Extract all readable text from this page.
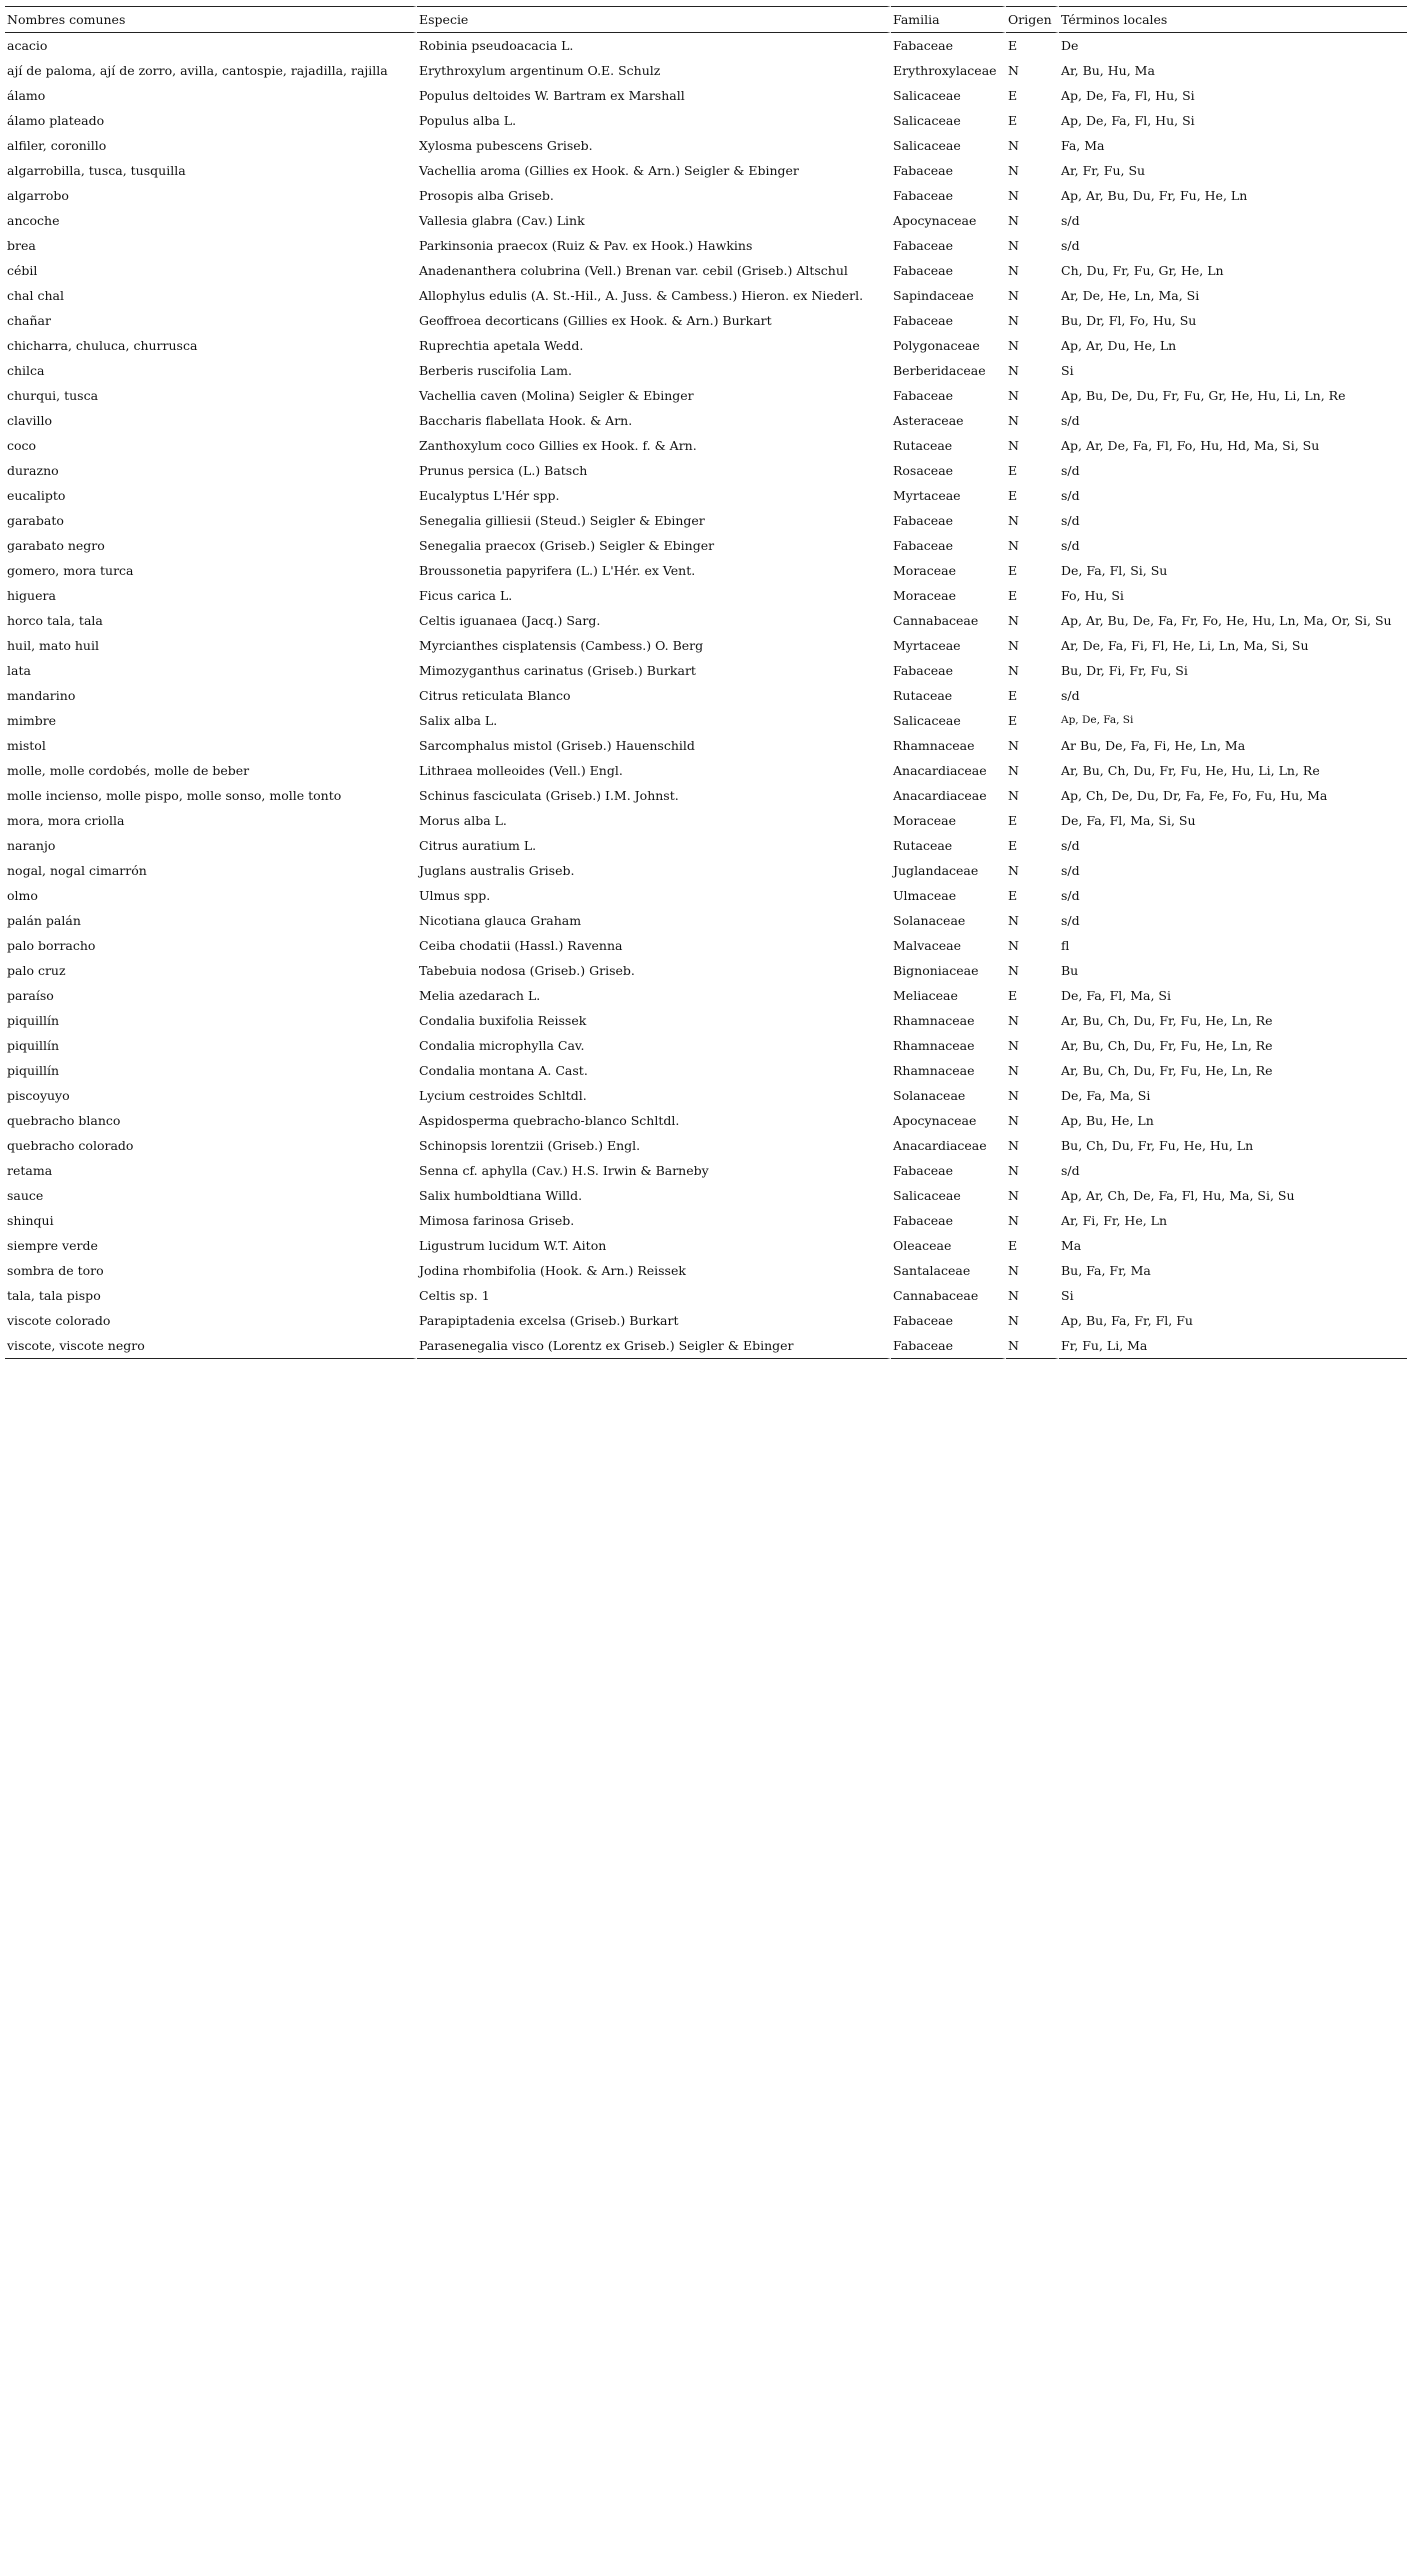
Nombres comunes	Especie	Familia	Origen	Términos locales
acacio	Robinia pseudoacacia L.	Fabaceae	E	De
ají de paloma, ají de zorro, avilla, cantospie, rajadilla, rajilla	Erythroxylum argentinum O.E. Schulz	Erythroxylaceae	N	Ar, Bu, Hu, Ma
álamo	Populus deltoides W. Bartram ex Marshall	Salicaceae	E	Ap, De, Fa, Fl, Hu, Si
álamo plateado	Populus alba L.	Salicaceae	E	Ap, De, Fa, Fl, Hu, Si
alfiler, coronillo	Xylosma pubescens Griseb.	Salicaceae	N	Fa, Ma
algarrobilla, tusca, tusquilla	Vachellia aroma (Gillies ex Hook. & Arn.) Seigler & Ebinger	Fabaceae	N	Ar, Fr, Fu, Su
algarrobo	Prosopis alba Griseb.	Fabaceae	N	Ap, Ar, Bu, Du, Fr, Fu, He, Ln
ancoche	Vallesia glabra (Cav.) Link	Apocynaceae	N	s/d
brea	Parkinsonia praecox (Ruiz & Pav. ex Hook.) Hawkins	Fabaceae	N	s/d
cébil	Anadenanthera colubrina (Vell.) Brenan var. cebil (Griseb.) Altschul	Fabaceae	N	Ch, Du, Fr, Fu, Gr, He, Ln
chal chal	Allophylus edulis (A. St.-Hil., A. Juss. & Cambess.) Hieron. ex Niederl.	Sapindaceae	N	Ar, De, He, Ln, Ma, Si
chañar	Geoffroea decorticans (Gillies ex Hook. & Arn.) Burkart	Fabaceae	N	Bu, Dr, Fl, Fo, Hu, Su
chicharra, chuluca, churrusca	Ruprechtia apetala Wedd.	Polygonaceae	N	Ap, Ar, Du, He, Ln
chilca	Berberis ruscifolia Lam.	Berberidaceae	N	Si
churqui, tusca	Vachellia caven (Molina) Seigler & Ebinger	Fabaceae	N	Ap, Bu, De, Du, Fr, Fu, Gr, He, Hu, Li, Ln, Re
clavillo	Baccharis flabellata Hook. & Arn.	Asteraceae	N	s/d
coco	Zanthoxylum coco Gillies ex Hook. f. & Arn.	Rutaceae	N	Ap, Ar, De, Fa, Fl, Fo, Hu, Hd, Ma, Si, Su
durazno	Prunus persica (L.) Batsch	Rosaceae	E	s/d
eucalipto	Eucalyptus L'Hér spp.	Myrtaceae	E	s/d
garabato	Senegalia gilliesii (Steud.) Seigler & Ebinger	Fabaceae	N	s/d
garabato negro	Senegalia praecox (Griseb.) Seigler & Ebinger	Fabaceae	N	s/d
gomero, mora turca	Broussonetia papyrifera (L.) L'Hér. ex Vent.	Moraceae	E	De, Fa, Fl, Si, Su
higuera	Ficus carica L.	Moraceae	E	Fo, Hu, Si
horco tala, tala	Celtis iguanaea (Jacq.) Sarg.	Cannabaceae	N	Ap, Ar, Bu, De, Fa, Fr, Fo, He, Hu, Ln, Ma, Or, Si, Su
huil, mato huil	Myrcianthes cisplatensis (Cambess.) O. Berg	Myrtaceae	N	Ar, De, Fa, Fi, Fl, He, Li, Ln, Ma, Si, Su
lata	Mimozyganthus carinatus (Griseb.) Burkart	Fabaceae	N	Bu, Dr, Fi, Fr, Fu, Si
mandarino	Citrus reticulata Blanco	Rutaceae	E	s/d
mimbre	Salix alba L.	Salicaceae	E	Ap, De, Fa, Si
mistol	Sarcomphalus mistol (Griseb.) Hauenschild	Rhamnaceae	N	Ar Bu, De, Fa, Fi, He, Ln, Ma
molle, molle cordobés, molle de beber	Lithraea molleoides (Vell.) Engl.	Anacardiaceae	N	Ar, Bu, Ch, Du, Fr, Fu, He, Hu, Li, Ln, Re
molle incienso, molle pispo, molle sonso, molle tonto	Schinus fasciculata (Griseb.) I.M. Johnst.	Anacardiaceae	N	Ap, Ch, De, Du, Dr, Fa, Fe, Fo, Fu, Hu, Ma
mora, mora criolla	Morus alba L.	Moraceae	E	De, Fa, Fl, Ma, Si, Su
naranjo	Citrus auratium L.	Rutaceae	E	s/d
nogal, nogal cimarrón	Juglans australis Griseb.	Juglandaceae	N	s/d
olmo	Ulmus spp.	Ulmaceae	E	s/d
palán palán	Nicotiana glauca Graham	Solanaceae	N	s/d
palo borracho	Ceiba chodatii (Hassl.) Ravenna	Malvaceae	N	fl
palo cruz	Tabebuia nodosa (Griseb.) Griseb.	Bignoniaceae	N	Bu
paraíso	Melia azedarach L.	Meliaceae	E	De, Fa, Fl, Ma, Si
piquillín	Condalia buxifolia Reissek	Rhamnaceae	N	Ar, Bu, Ch, Du, Fr, Fu, He, Ln, Re
piquillín	Condalia microphylla Cav.	Rhamnaceae	N	Ar, Bu, Ch, Du, Fr, Fu, He, Ln, Re
piquillín	Condalia montana A. Cast.	Rhamnaceae	N	Ar, Bu, Ch, Du, Fr, Fu, He, Ln, Re
piscoyuyo	Lycium cestroides Schltdl.	Solanaceae	N	De, Fa, Ma, Si
quebracho blanco	Aspidosperma quebracho-blanco Schltdl.	Apocynaceae	N	Ap, Bu, He, Ln
quebracho colorado	Schinopsis lorentzii (Griseb.) Engl.	Anacardiaceae	N	Bu, Ch, Du, Fr, Fu, He, Hu, Ln
retama	Senna cf. aphylla (Cav.) H.S. Irwin & Barneby	Fabaceae	N	s/d
sauce	Salix humboldtiana Willd.	Salicaceae	N	Ap, Ar, Ch, De, Fa, Fl, Hu, Ma, Si, Su
shinqui	Mimosa farinosa Griseb.	Fabaceae	N	Ar, Fi, Fr, He, Ln
siempre verde	Ligustrum lucidum W.T. Aiton	Oleaceae	E	Ma
sombra de toro	Jodina rhombifolia (Hook. & Arn.) Reissek	Santalaceae	N	Bu, Fa, Fr, Ma
tala, tala pispo	Celtis sp. 1	Cannabaceae	N	Si
viscote colorado	Parapiptadenia excelsa (Griseb.) Burkart	Fabaceae	N	Ap, Bu, Fa, Fr, Fl, Fu
viscote, viscote negro	Parasenegalia visco (Lorentz ex Griseb.) Seigler & Ebinger	Fabaceae	N	Fr, Fu, Li, Ma
